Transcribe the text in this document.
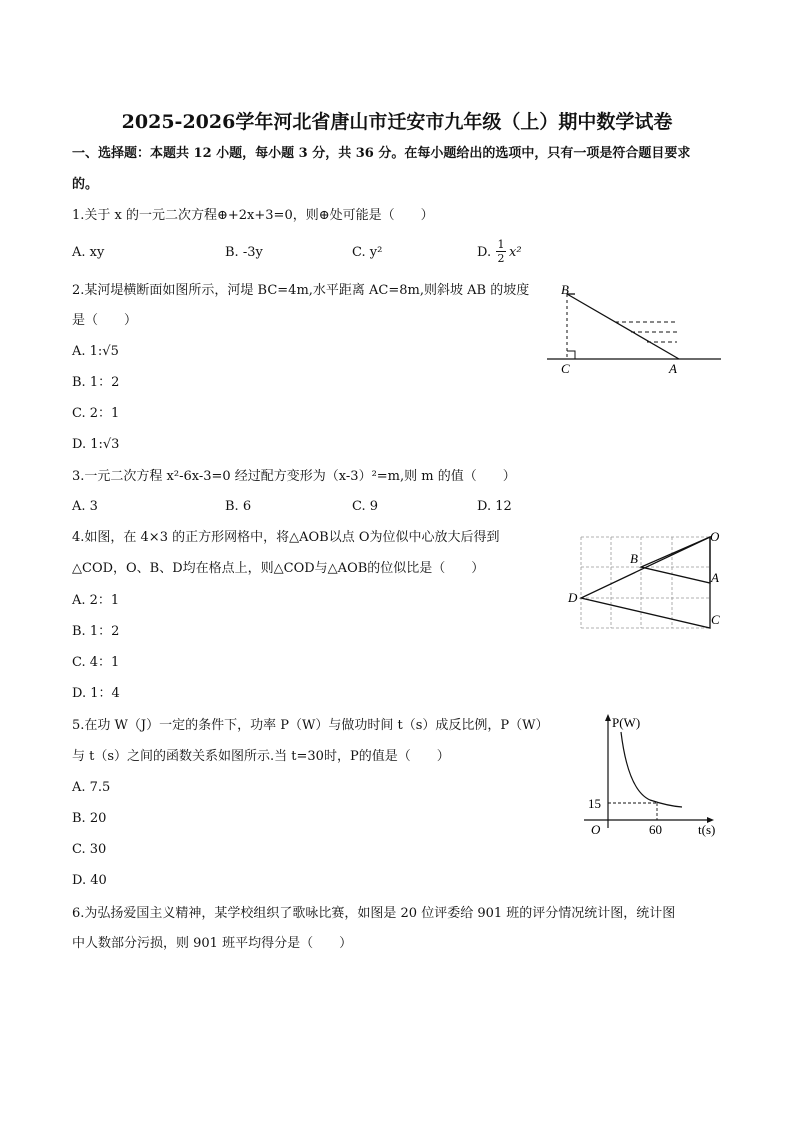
2025-2026学年河北省唐山市迁安市九年级（上）期中数学试卷
一、选择题：本题共 12 小题，每小题 3 分，共 36 分。在每小题给出的选项中，只有一项是符合题目要求
的。
1.关于 x 的一元二次方程⊕+2x+3=0，则⊕处可能是（　　）
A. xy	B. -3y	C. y²	D.
1
2 x²
2.某河堤横断面如图所示，河堤 BC=4m,水平距离 AC=8m,则斜坡 AB 的坡度
是（　　）
A. 1:√5
B. 1：2
C. 2：1
D. 1:√3
B
C	A
3.一元二次方程 x²-6x-3=0 经过配方变形为（x-3）²=m,则 m 的值（　　）
A. 3	B. 6	C. 9	D. 12
4.如图，在 4×3 的正方形网格中，将△AOB以点 O为位似中心放大后得到
△COD，O、B、D均在格点上，则△COD与△AOB的位似比是（　　）
A. 2：1
B. 1：2
C. 4：1
D. 1：4
O
B
A
D
C
5.在功 W（J）一定的条件下，功率 P（W）与做功时间 t（s）成反比例，P（W）
与 t（s）之间的函数关系如图所示.当 t=30时，P的值是（　　）
A. 7.5
B. 20
C. 30
D. 40
P(W)
15
O	60	t(s)
6.为弘扬爱国主义精神，某学校组织了歌咏比赛，如图是 20 位评委给 901 班的评分情况统计图，统计图
中人数部分污损，则 901 班平均得分是（　　）
